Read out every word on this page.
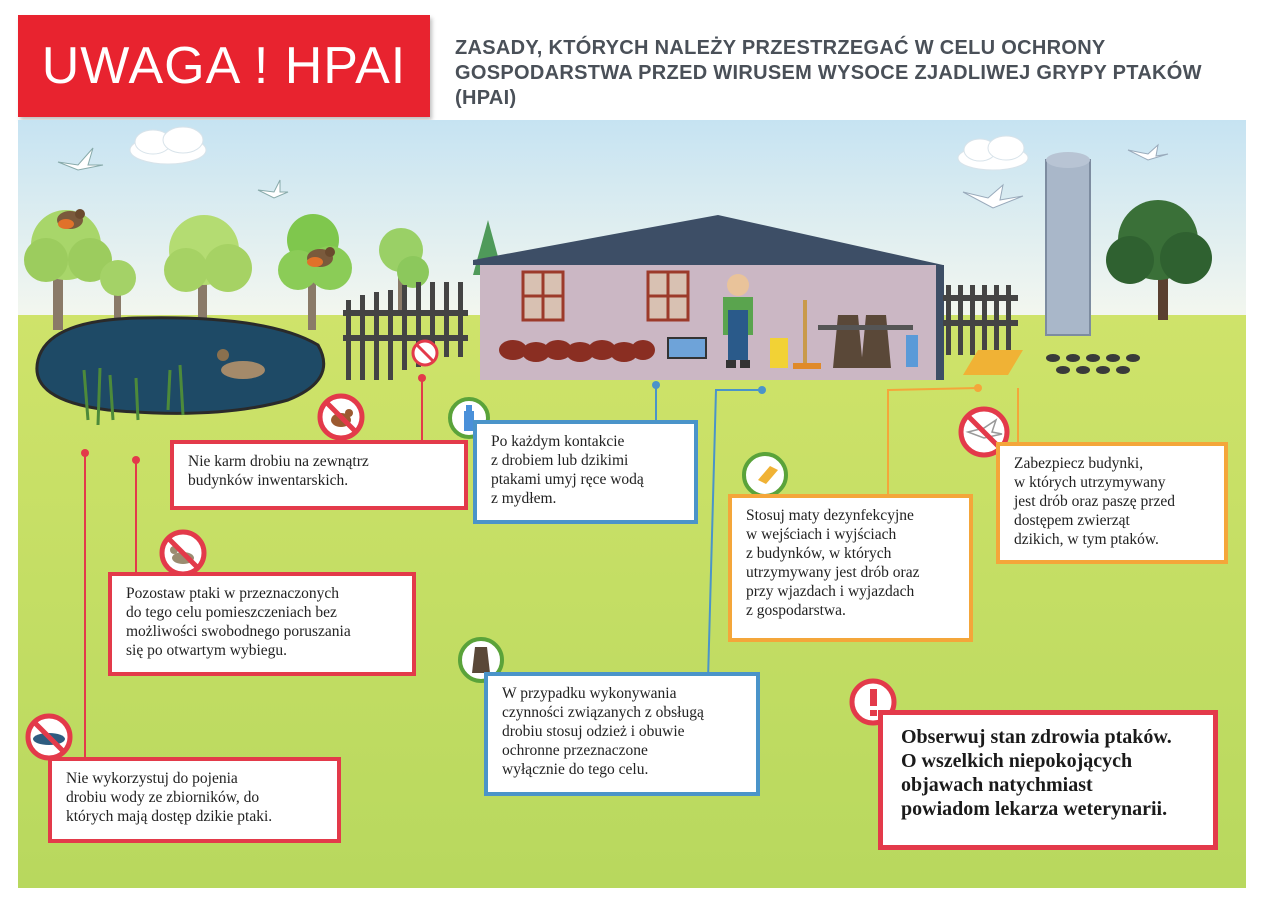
UWAGA ! HPAI	ZASADY, KTÓRYCH NALEŻY PRZESTRZEGAĆ W CELU OCHRONY GOSPODARSTWA PRZED WIRUSEM WYSOCE ZJADLIWEJ GRYPY PTAKÓW (HPAI)
Nie karm drobiu na zewnątrz
budynków inwentarskich.
Pozostaw ptaki w przeznaczonych
do tego celu pomieszczeniach bez
możliwości swobodnego poruszania
się po otwartym wybiegu.
Nie wykorzystuj do pojenia
drobiu wody ze zbiorników, do
których mają dostęp dzikie ptaki.
Po każdym kontakcie
z drobiem lub dzikimi
ptakami umyj ręce wodą
z mydłem.
W przypadku wykonywania
czynności związanych z obsługą
drobiu stosuj odzież i obuwie
ochronne przeznaczone
wyłącznie do tego celu.
Stosuj maty dezynfekcyjne
w wejściach i wyjściach
z budynków, w których
utrzymywany jest drób oraz
przy wjazdach i wyjazdach
z gospodarstwa.
Zabezpiecz budynki,
w których utrzymywany
jest drób oraz paszę przed
dostępem zwierząt
dzikich, w tym ptaków.
Obserwuj stan zdrowia ptaków.
O wszelkich niepokojących
objawach natychmiast
powiadom lekarza weterynarii.
